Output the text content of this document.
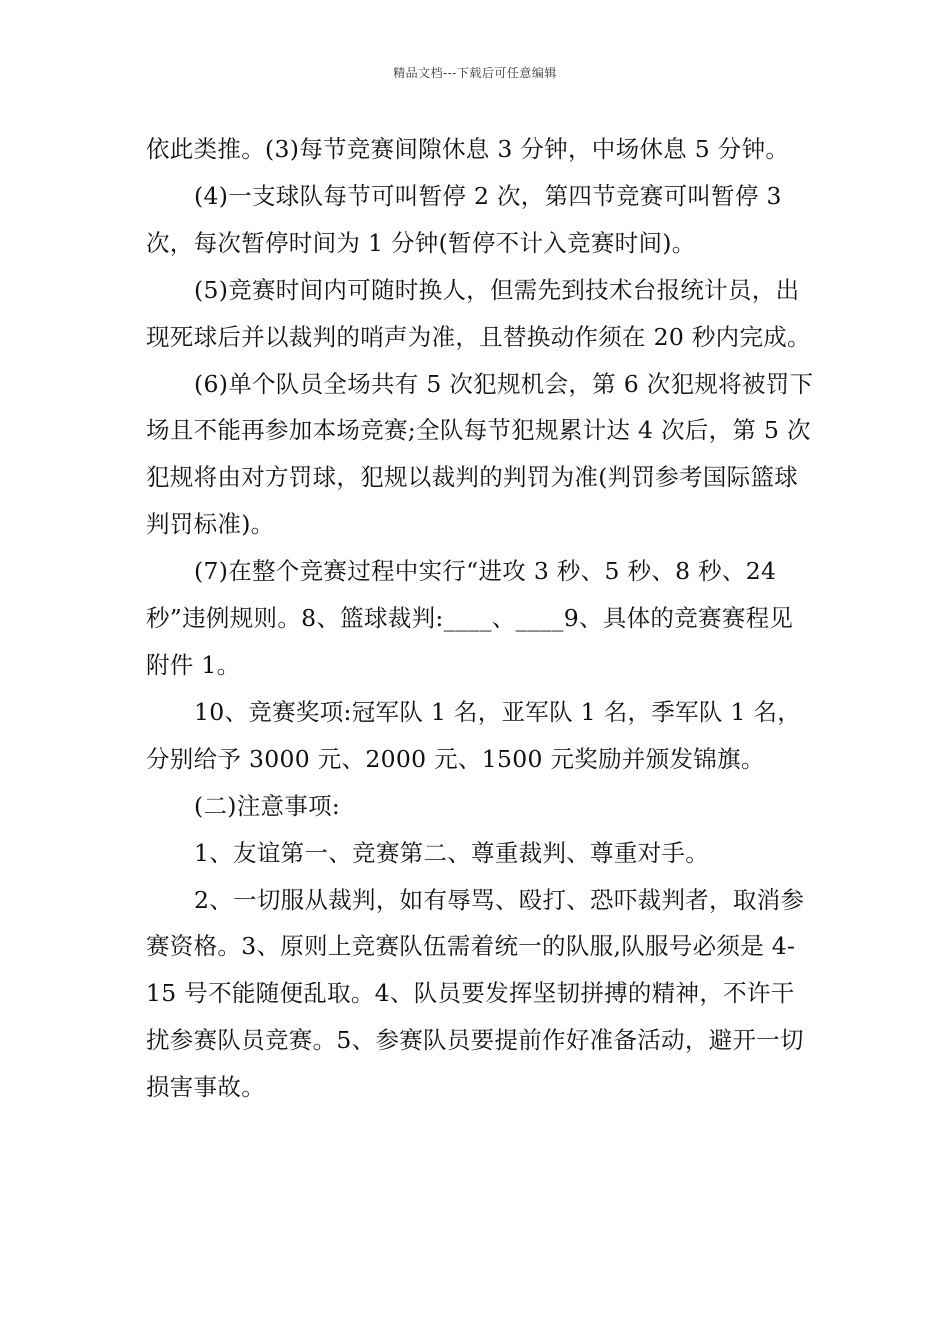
精品文档---下载后可任意编辑

依此类推。(3)每节竞赛间隙休息 3 分钟，中场休息 5 分钟。

(4)一支球队每节可叫暂停 2 次，第四节竞赛可叫暂停 3 次，每次暂停时间为 1 分钟(暂停不计入竞赛时间)。

(5)竞赛时间内可随时换人，但需先到技术台报统计员，出现死球后并以裁判的哨声为准，且替换动作须在 20 秒内完成。

(6)单个队员全场共有 5 次犯规机会，第 6 次犯规将被罚下场且不能再参加本场竞赛;全队每节犯规累计达 4 次后，第 5 次犯规将由对方罚球，犯规以裁判的判罚为准(判罚参考国际篮球判罚标准)。

(7)在整个竞赛过程中实行“进攻 3 秒、5 秒、8 秒、24 秒”违例规则。8、篮球裁判:____、____9、具体的竞赛赛程见附件 1。

10、竞赛奖项:冠军队 1 名，亚军队 1 名，季军队 1 名，分别给予 3000 元、2000 元、1500 元奖励并颁发锦旗。

(二)注意事项:

1、友谊第一、竞赛第二、尊重裁判、尊重对手。

2、一切服从裁判，如有辱骂、殴打、恐吓裁判者，取消参赛资格。3、原则上竞赛队伍需着统一的队服,队服号必须是 4-15 号不能随便乱取。4、队员要发挥坚韧拼搏的精神，不许干扰参赛队员竞赛。5、参赛队员要提前作好准备活动，避开一切损害事故。
